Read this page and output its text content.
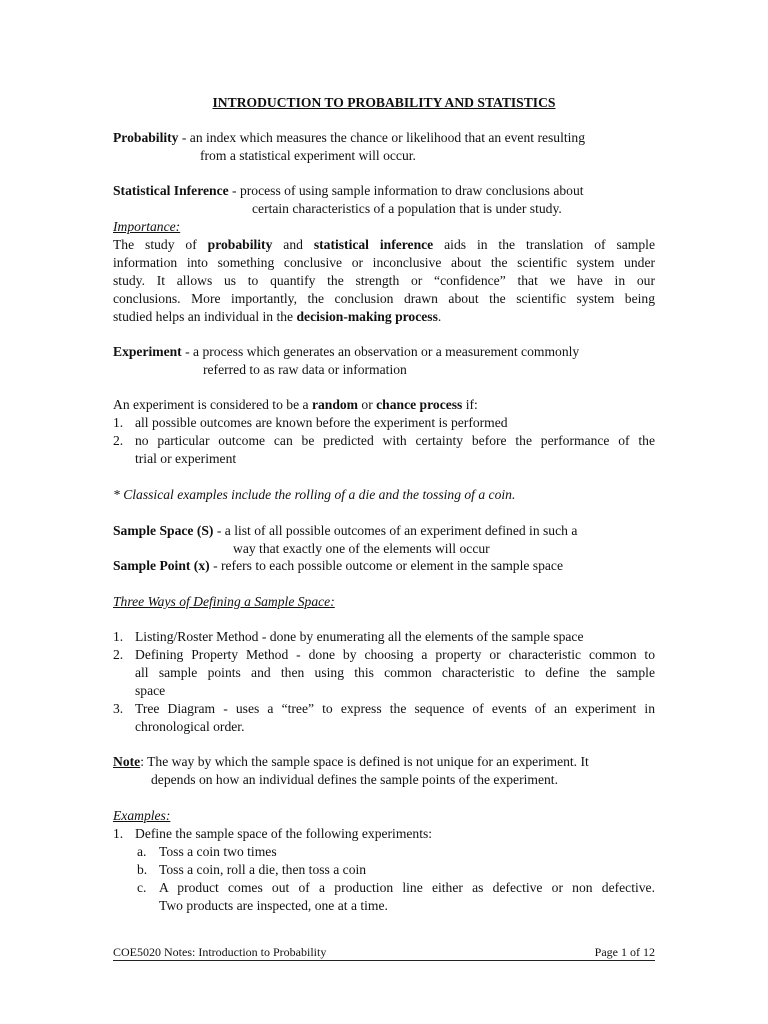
INTRODUCTION TO PROBABILITY AND STATISTICS
Probability - an index which measures the chance or likelihood that an event resulting
from a statistical experiment will occur.
Statistical Inference - process of using sample information to draw conclusions about
certain characteristics of a population that is under study.
Importance:
The study of probability and statistical inference aids in the translation of sample
information into something conclusive or inconclusive about the scientific system under
study. It allows us to quantify the strength or “confidence” that we have in our
conclusions. More importantly, the conclusion drawn about the scientific system being
studied helps an individual in the decision-making process.
Experiment - a process which generates an observation or a measurement commonly
referred to as raw data or information
An experiment is considered to be a random or chance process if:
1. all possible outcomes are known before the experiment is performed
2. no particular outcome can be predicted with certainty before the performance of the
trial or experiment
* Classical examples include the rolling of a die and the tossing of a coin.
Sample Space (S) - a list of all possible outcomes of an experiment defined in such a
way that exactly one of the elements will occur
Sample Point (x) - refers to each possible outcome or element in the sample space
Three Ways of Defining a Sample Space:
1. Listing/Roster Method - done by enumerating all the elements of the sample space
2. Defining Property Method - done by choosing a property or characteristic common to
all sample points and then using this common characteristic to define the sample
space
3. Tree Diagram - uses a “tree” to express the sequence of events of an experiment in
chronological order.
Note: The way by which the sample space is defined is not unique for an experiment. It
depends on how an individual defines the sample points of the experiment.
Examples:
1. Define the sample space of the following experiments:
a. Toss a coin two times
b. Toss a coin, roll a die, then toss a coin
c. A product comes out of a production line either as defective or non defective.
Two products are inspected, one at a time.
COE5020 Notes: Introduction to Probability	Page 1 of 12
